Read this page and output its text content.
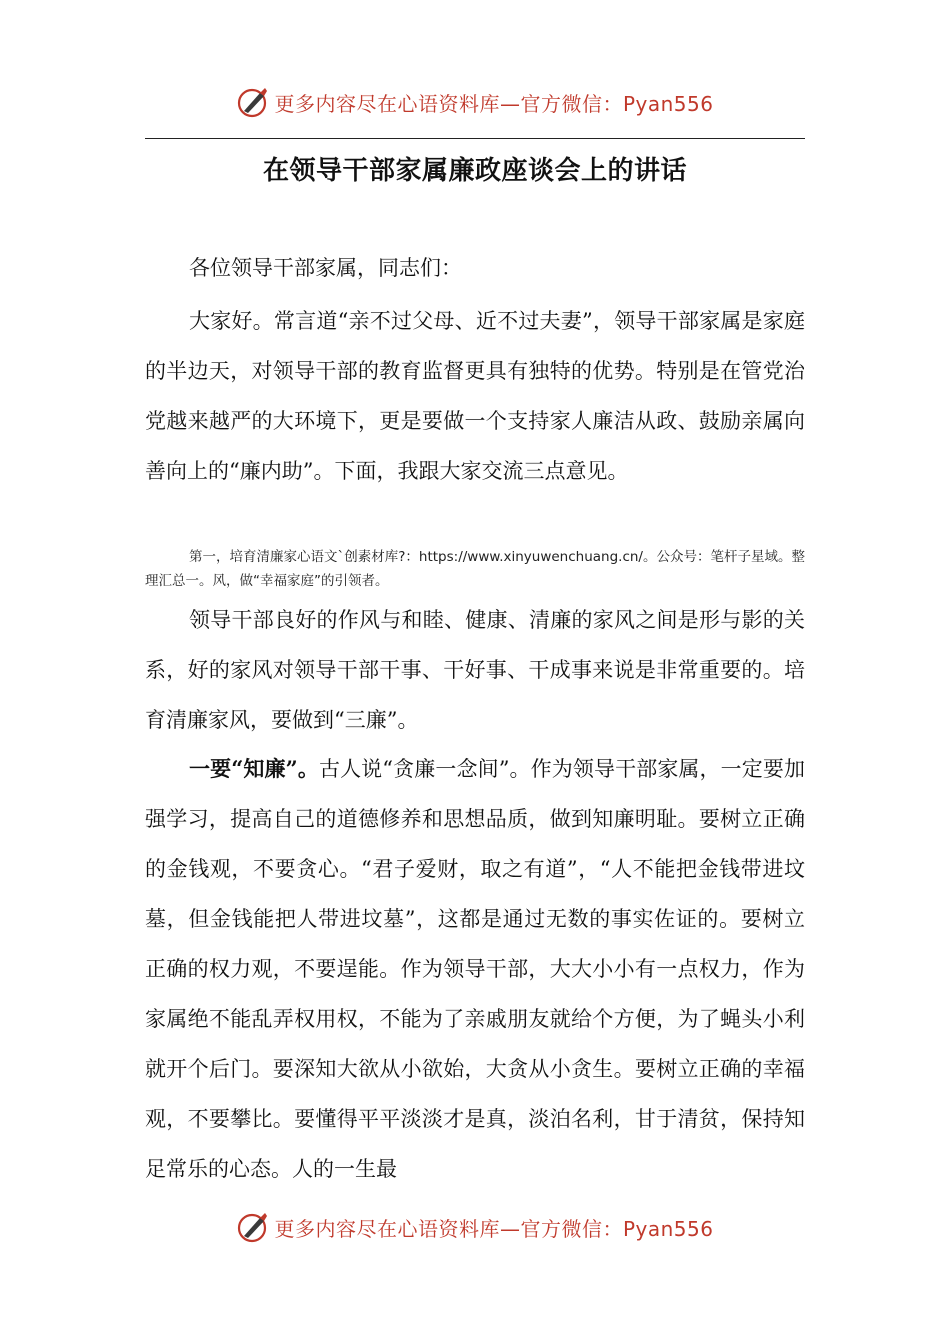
更多内容尽在心语资料库—官方微信：Pyan556
在领导干部家属廉政座谈会上的讲话

各位领导干部家属，同志们：

大家好。常言道“亲不过父母、近不过夫妻”，领导干部家属是家庭的半边天，对领导干部的教育监督更具有独特的优势。特别是在管党治党越来越严的大环境下，更是要做一个支持家人廉洁从政、鼓励亲属向善向上的“廉内助”。下面，我跟大家交流三点意见。

第一，培育清廉家心语文`创素材库?：https://www.xinyuwenchuang.cn/。公众号：笔杆子星域。整理汇总一。风，做“幸福家庭”的引领者。

领导干部良好的作风与和睦、健康、清廉的家风之间是形与影的关系，好的家风对领导干部干事、干好事、干成事来说是非常重要的。培育清廉家风，要做到“三廉”。

一要“知廉”。古人说“贪廉一念间”。作为领导干部家属，一定要加强学习，提高自己的道德修养和思想品质，做到知廉明耻。要树立正确的金钱观，不要贪心。“君子爱财，取之有道”，“人不能把金钱带进坟墓，但金钱能把人带进坟墓”，这都是通过无数的事实佐证的。要树立正确的权力观，不要逞能。作为领导干部，大大小小有一点权力，作为家属绝不能乱弄权用权，不能为了亲戚朋友就给个方便，为了蝇头小利就开个后门。要深知大欲从小欲始，大贪从小贪生。要树立正确的幸福观，不要攀比。要懂得平平淡淡才是真，淡泊名利，甘于清贫，保持知足常乐的心态。人的一生最

更多内容尽在心语资料库—官方微信：Pyan556
